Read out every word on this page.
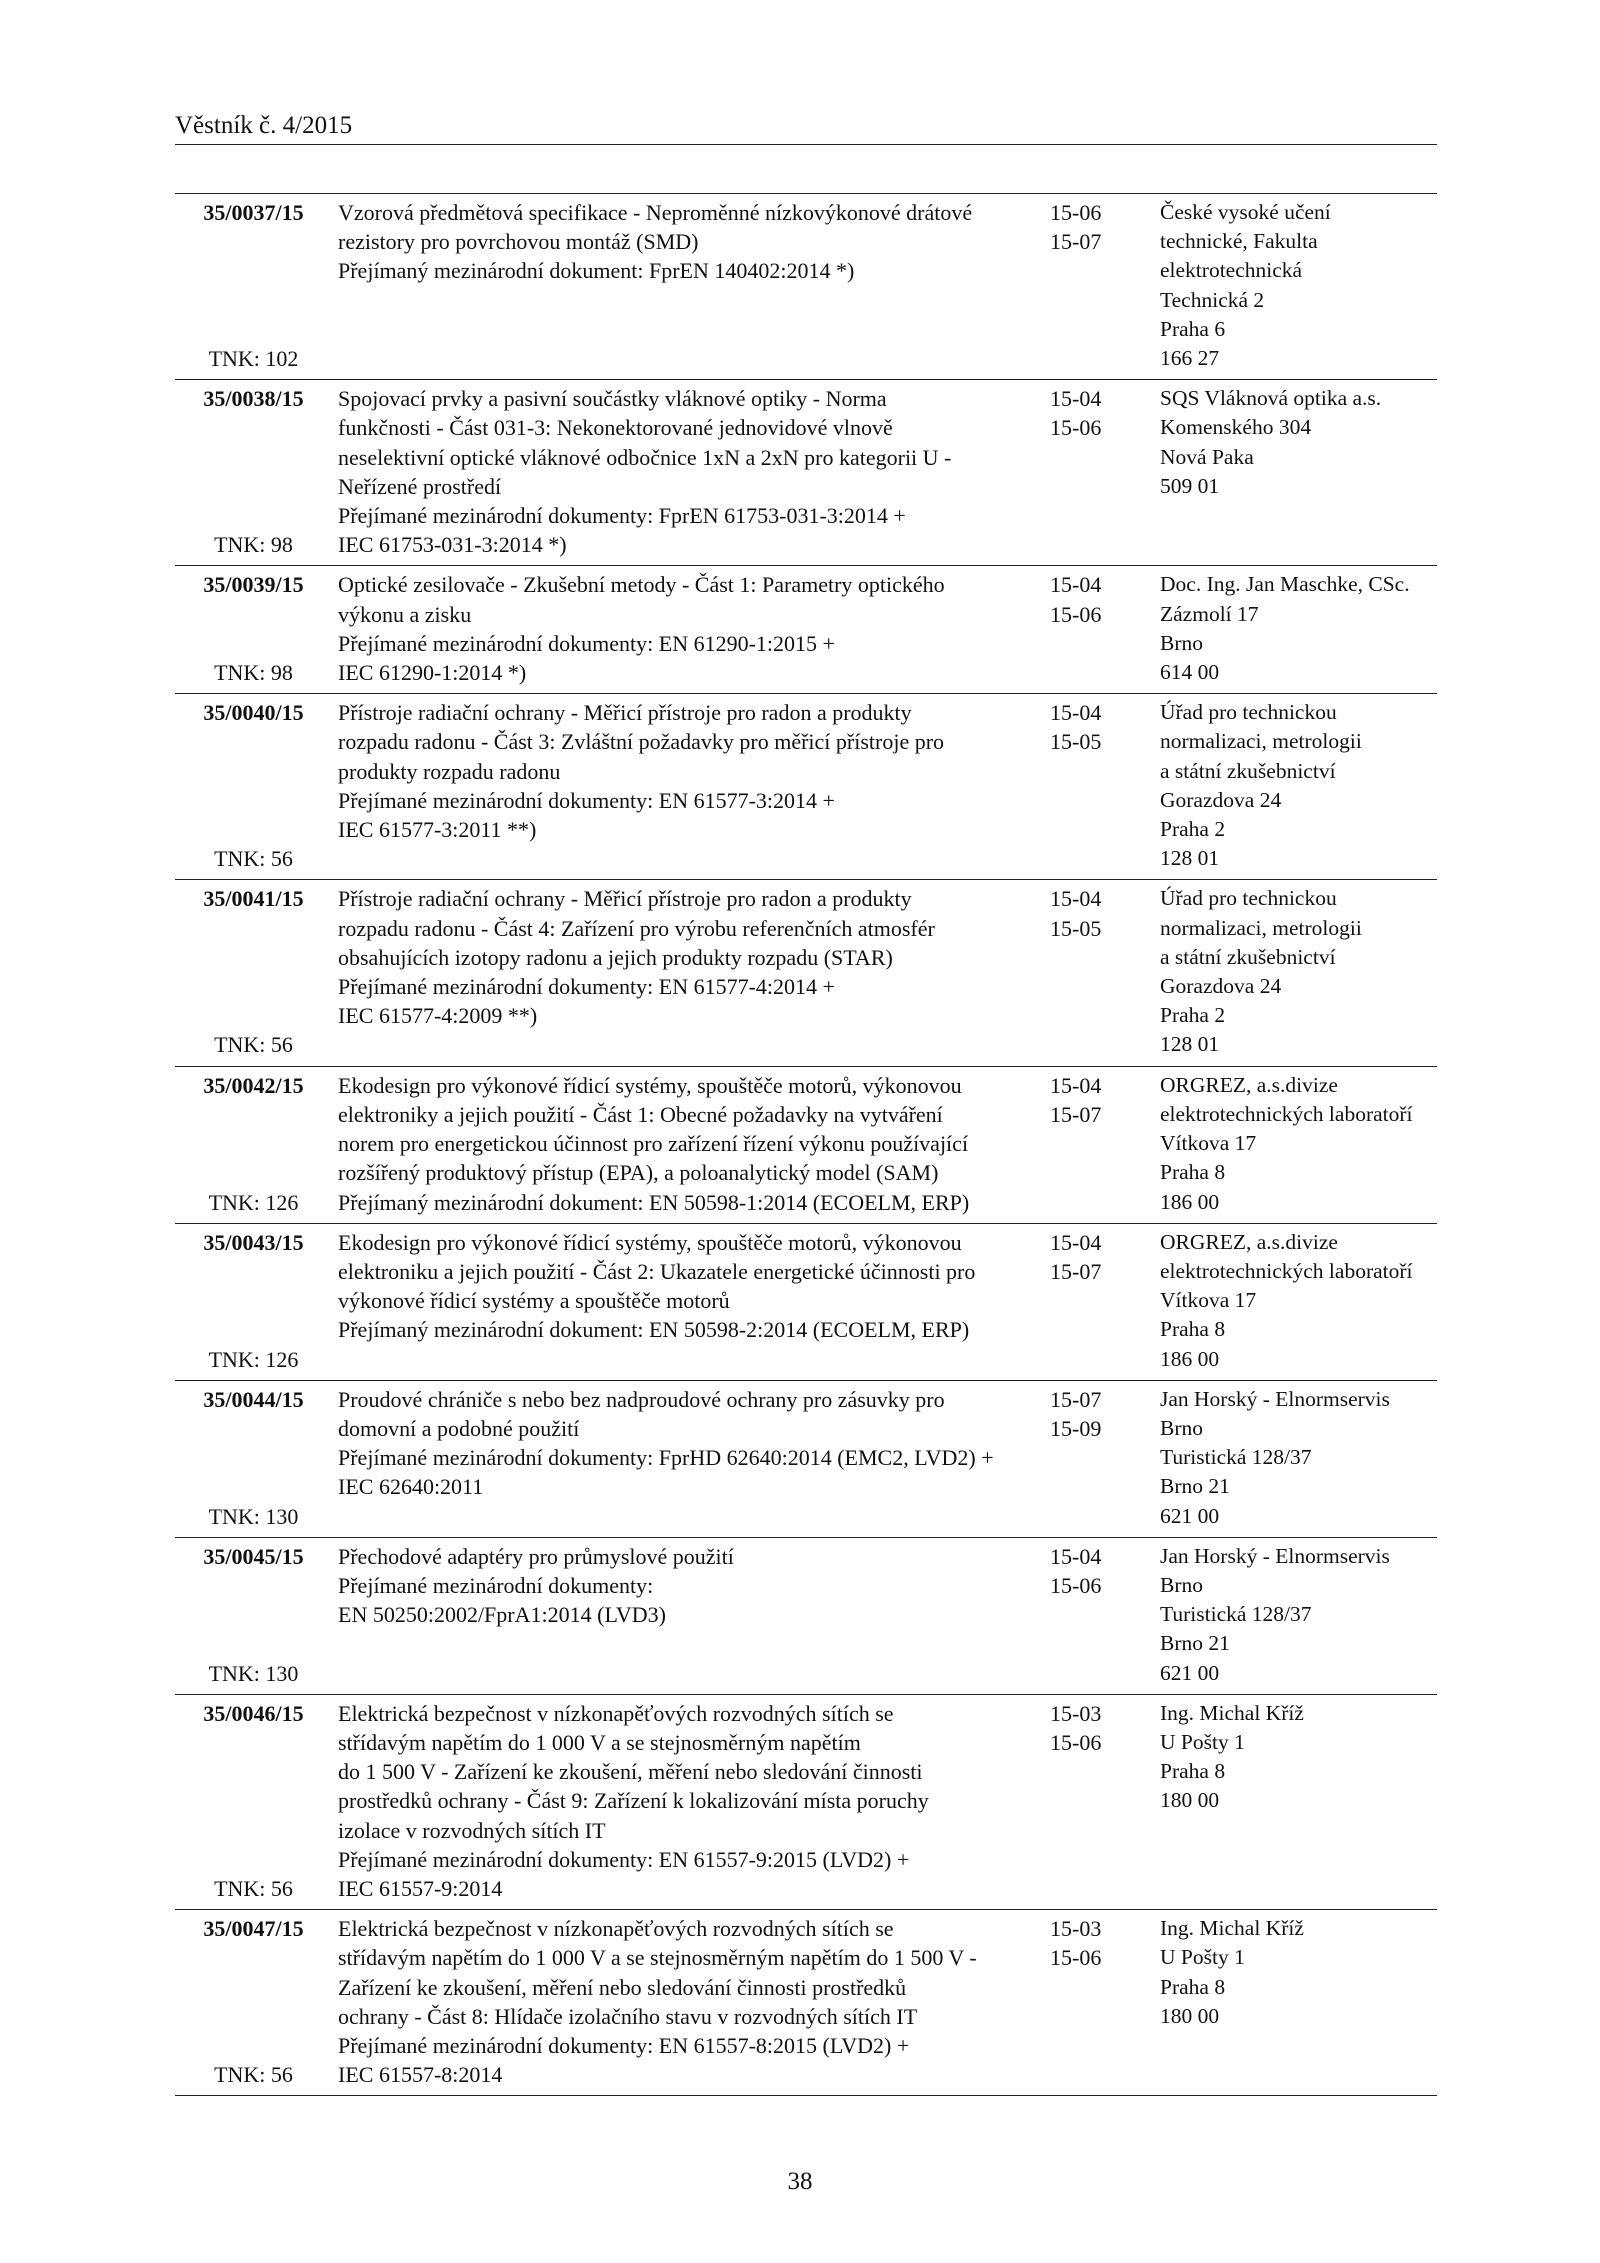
Věstník č. 4/2015
35/0037/15
TNK: 102
Vzorová předmětová specifikace - Neproměnné nízkovýkonové drátové
rezistory pro povrchovou montáž (SMD)
Přejímaný mezinárodní dokument: FprEN 140402:2014 *)
15-06
15-07
České vysoké učení
technické, Fakulta
elektrotechnická
Technická 2
Praha 6
166 27
35/0038/15
TNK: 98
Spojovací prvky a pasivní součástky vláknové optiky - Norma
funkčnosti - Část 031-3: Nekonektorované jednovidové vlnově
neselektivní optické vláknové odbočnice 1xN a 2xN pro kategorii U -
Neřízené prostředí
Přejímané mezinárodní dokumenty: FprEN 61753-031-3:2014 +
IEC 61753-031-3:2014 *)
15-04
15-06
SQS Vláknová optika a.s.
Komenského 304
Nová Paka
509 01
35/0039/15
TNK: 98
Optické zesilovače - Zkušební metody - Část 1: Parametry optického
výkonu a zisku
Přejímané mezinárodní dokumenty: EN 61290-1:2015 +
IEC 61290-1:2014 *)
15-04
15-06
Doc. Ing. Jan Maschke, CSc.
Zázmolí 17
Brno
614 00
35/0040/15
TNK: 56
Přístroje radiační ochrany - Měřicí přístroje pro radon a produkty
rozpadu radonu - Část 3: Zvláštní požadavky pro měřicí přístroje pro
produkty rozpadu radonu
Přejímané mezinárodní dokumenty: EN 61577-3:2014 +
IEC 61577-3:2011 **)
15-04
15-05
Úřad pro technickou
normalizaci, metrologii
a státní zkušebnictví
Gorazdova 24
Praha 2
128 01
35/0041/15
TNK: 56
Přístroje radiační ochrany - Měřicí přístroje pro radon a produkty
rozpadu radonu - Část 4: Zařízení pro výrobu referenčních atmosfér
obsahujících izotopy radonu a jejich produkty rozpadu (STAR)
Přejímané mezinárodní dokumenty: EN 61577-4:2014 +
IEC 61577-4:2009 **)
15-04
15-05
Úřad pro technickou
normalizaci, metrologii
a státní zkušebnictví
Gorazdova 24
Praha 2
128 01
35/0042/15
TNK: 126
Ekodesign pro výkonové řídicí systémy, spouštěče motorů, výkonovou
elektroniky a jejich použití - Část 1: Obecné požadavky na vytváření
norem pro energetickou účinnost pro zařízení řízení výkonu používající
rozšířený produktový přístup (EPA), a poloanalytický model (SAM)
Přejímaný mezinárodní dokument: EN 50598-1:2014 (ECOELM, ERP)
15-04
15-07
ORGREZ, a.s.divize
elektrotechnických laboratoří
Vítkova 17
Praha 8
186 00
35/0043/15
TNK: 126
Ekodesign pro výkonové řídicí systémy, spouštěče motorů, výkonovou
elektroniku a jejich použití - Část 2: Ukazatele energetické účinnosti pro
výkonové řídicí systémy a spouštěče motorů
Přejímaný mezinárodní dokument: EN 50598-2:2014 (ECOELM, ERP)
15-04
15-07
ORGREZ, a.s.divize
elektrotechnických laboratoří
Vítkova 17
Praha 8
186 00
35/0044/15
TNK: 130
Proudové chrániče s nebo bez nadproudové ochrany pro zásuvky pro
domovní a podobné použití
Přejímané mezinárodní dokumenty: FprHD 62640:2014 (EMC2, LVD2) +
IEC 62640:2011
15-07
15-09
Jan Horský - Elnormservis
Brno
Turistická 128/37
Brno 21
621 00
35/0045/15
TNK: 130
Přechodové adaptéry pro průmyslové použití
Přejímané mezinárodní dokumenty:
EN 50250:2002/FprA1:2014 (LVD3)
15-04
15-06
Jan Horský - Elnormservis
Brno
Turistická 128/37
Brno 21
621 00
35/0046/15
TNK: 56
Elektrická bezpečnost v nízkonapěťových rozvodných sítích se
střídavým napětím do 1 000 V a se stejnosměrným napětím
do 1 500 V - Zařízení ke zkoušení, měření nebo sledování činnosti
prostředků ochrany - Část 9: Zařízení k lokalizování místa poruchy
izolace v rozvodných sítích IT
Přejímané mezinárodní dokumenty: EN 61557-9:2015 (LVD2) +
IEC 61557-9:2014
15-03
15-06
Ing. Michal Kříž
U Pošty 1
Praha 8
180 00
35/0047/15
TNK: 56
Elektrická bezpečnost v nízkonapěťových rozvodných sítích se
střídavým napětím do 1 000 V a se stejnosměrným napětím do 1 500 V -
Zařízení ke zkoušení, měření nebo sledování činnosti prostředků
ochrany - Část 8: Hlídače izolačního stavu v rozvodných sítích IT
Přejímané mezinárodní dokumenty: EN 61557-8:2015 (LVD2) +
IEC 61557-8:2014
15-03
15-06
Ing. Michal Kříž
U Pošty 1
Praha 8
180 00
38
